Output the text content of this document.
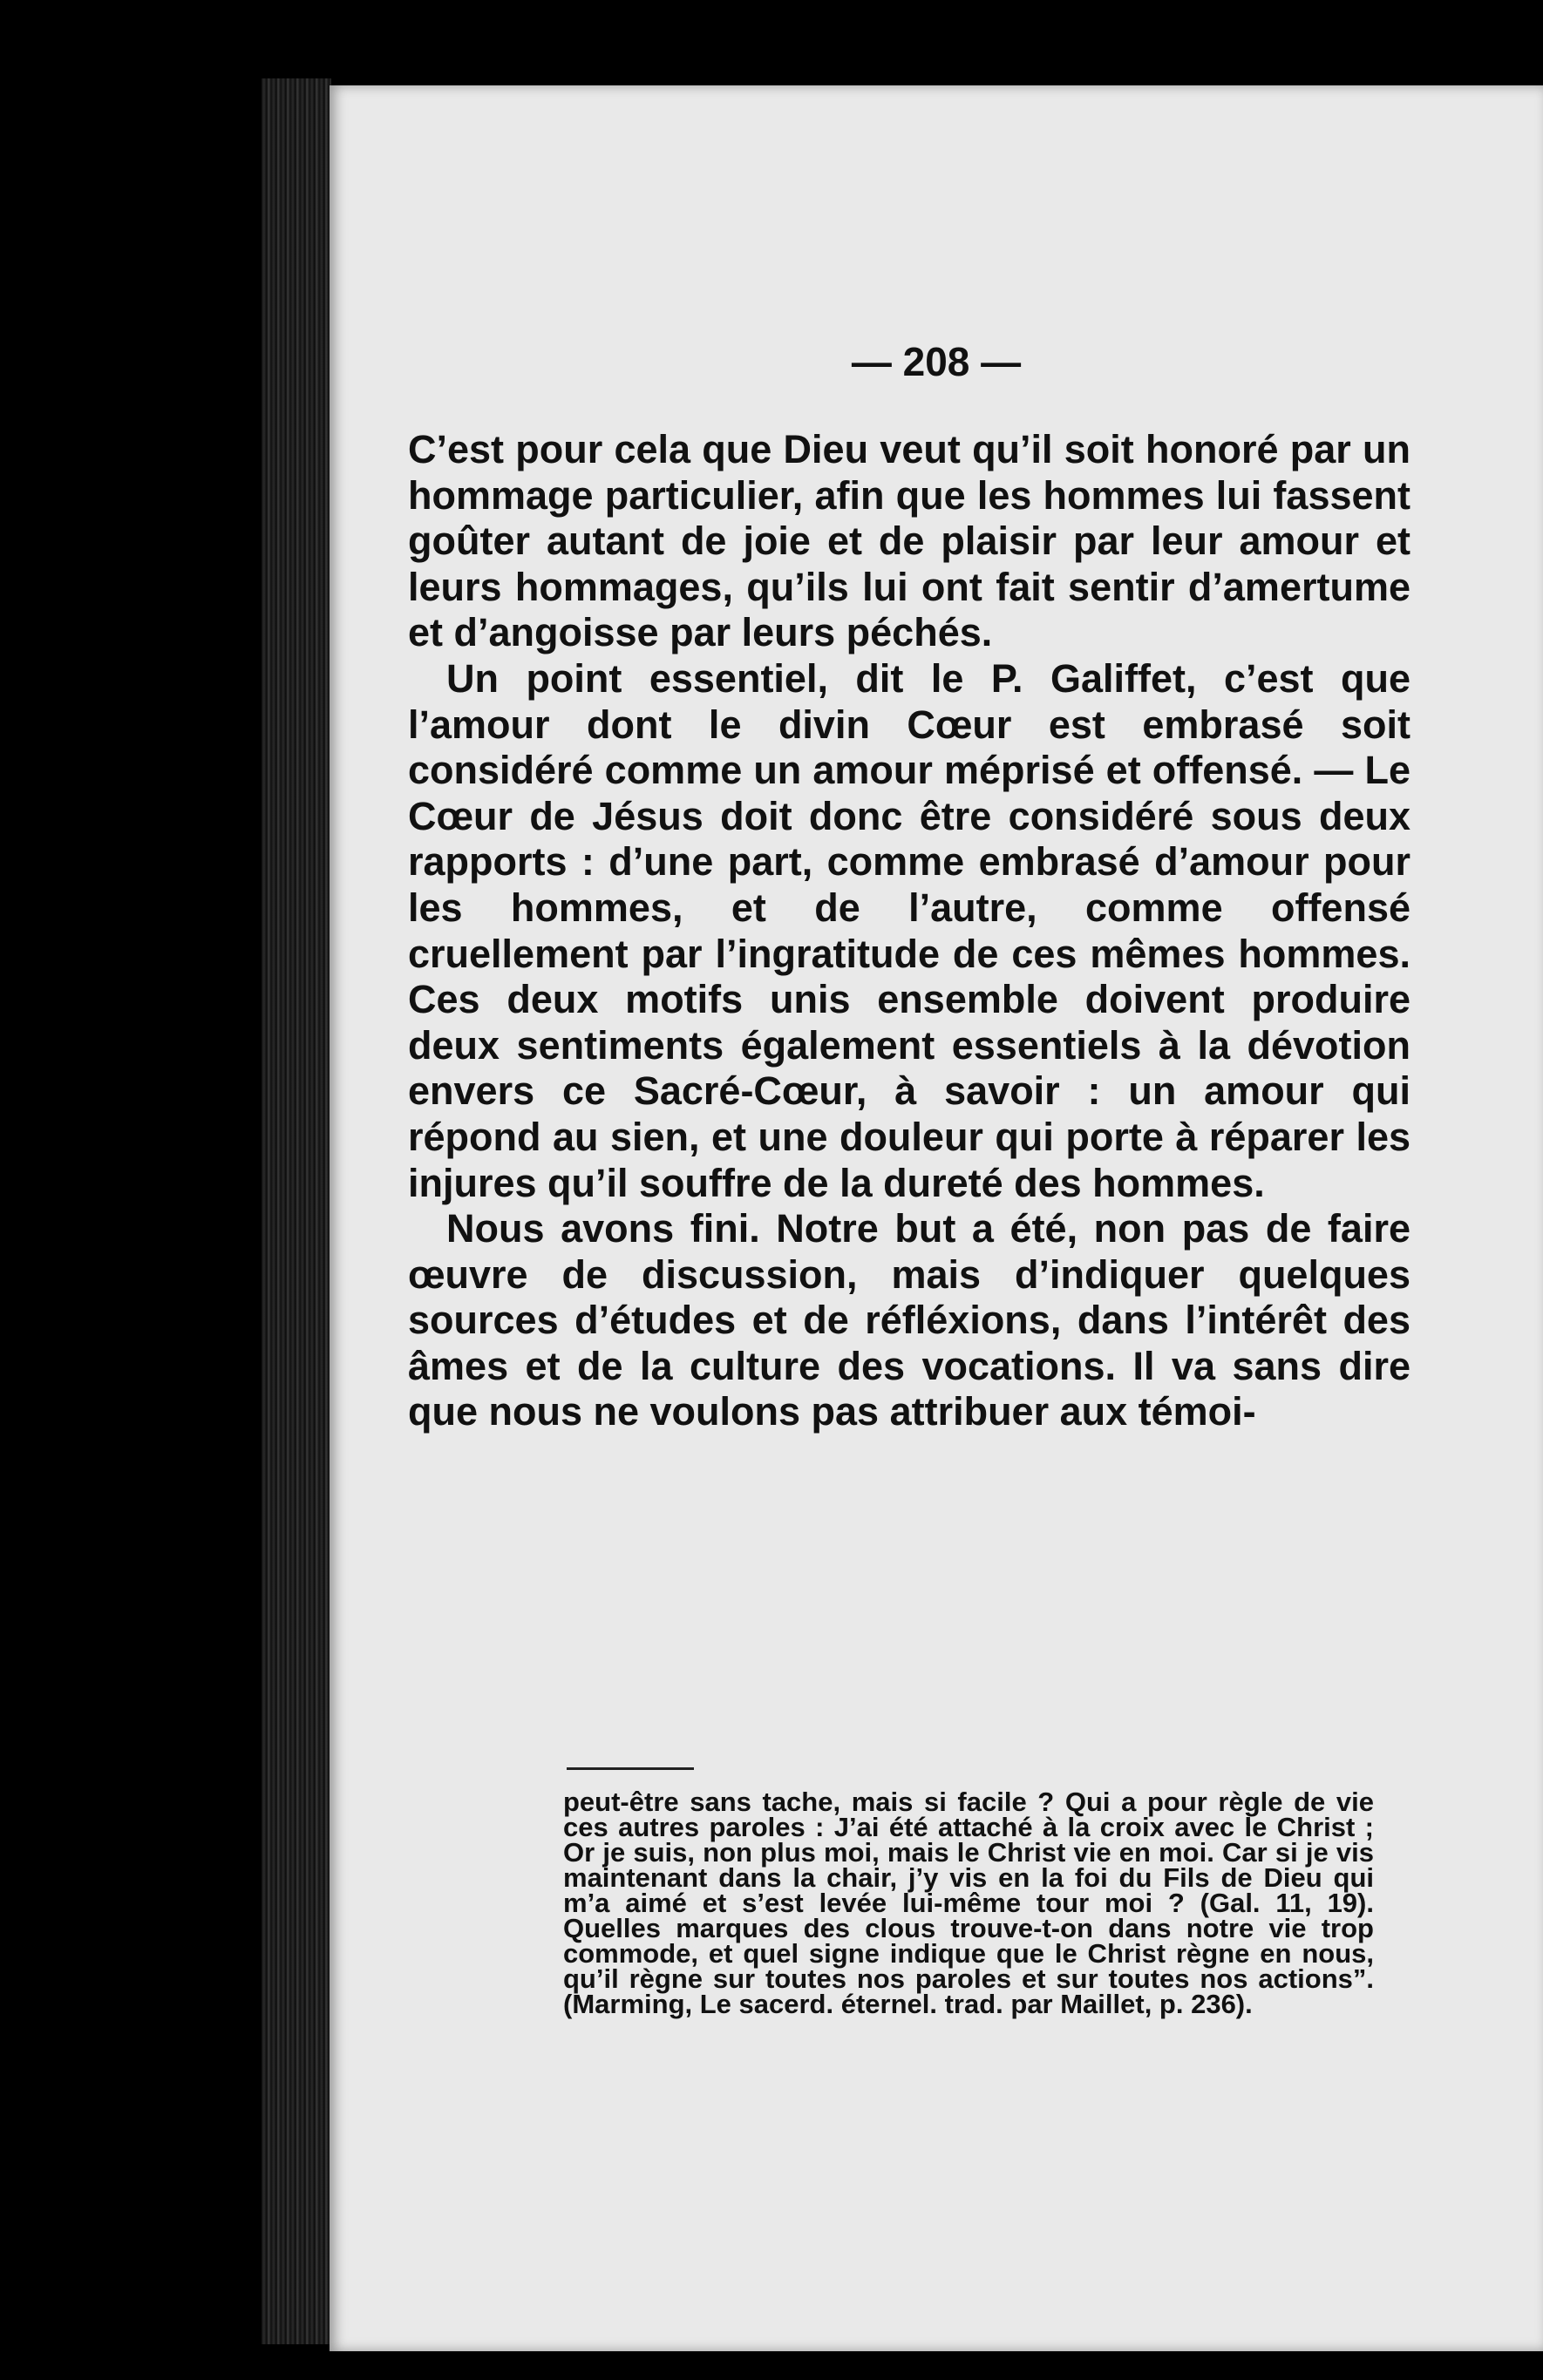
— 208 —

C’est pour cela que Dieu veut qu’il soit honoré par un hommage particulier, afin que les hommes lui fassent goûter autant de joie et de plaisir par leur amour et leurs hommages, qu’ils lui ont fait sentir d’amertume et d’angoisse par leurs péchés.

Un point essentiel, dit le P. Galiffet, c’est que l’amour dont le divin Cœur est embrasé soit considéré comme un amour méprisé et offensé. — Le Cœur de Jésus doit donc être considéré sous deux rapports : d’une part, comme embrasé d’amour pour les hommes, et de l’autre, comme offensé cruellement par l’ingratitude de ces mêmes hommes. Ces deux motifs unis ensemble doivent produire deux sentiments également essentiels à la dévotion envers ce Sacré-Cœur, à savoir : un amour qui répond au sien, et une douleur qui porte à réparer les injures qu’il souffre de la dureté des hommes.

Nous avons fini. Notre but a été, non pas de faire œuvre de discussion, mais d’indiquer quelques sources d’études et de réfléxions, dans l’intérêt des âmes et de la culture des vocations. Il va sans dire que nous ne voulons pas attribuer aux témoi-

peut-être sans tache, mais si facile ? Qui a pour règle de vie ces autres paroles : J’ai été attaché à la croix avec le Christ ; Or je suis, non plus moi, mais le Christ vie en moi. Car si je vis maintenant dans la chair, j’y vis en la foi du Fils de Dieu qui m’a aimé et s’est levée lui-même tour moi ? (Gal. 11, 19). Quelles marques des clous trouve-t-on dans notre vie trop commode, et quel signe indique que le Christ règne en nous, qu’il règne sur toutes nos paroles et sur toutes nos actions”. (Marming, Le sacerd. éternel. trad. par Maillet, p. 236).
